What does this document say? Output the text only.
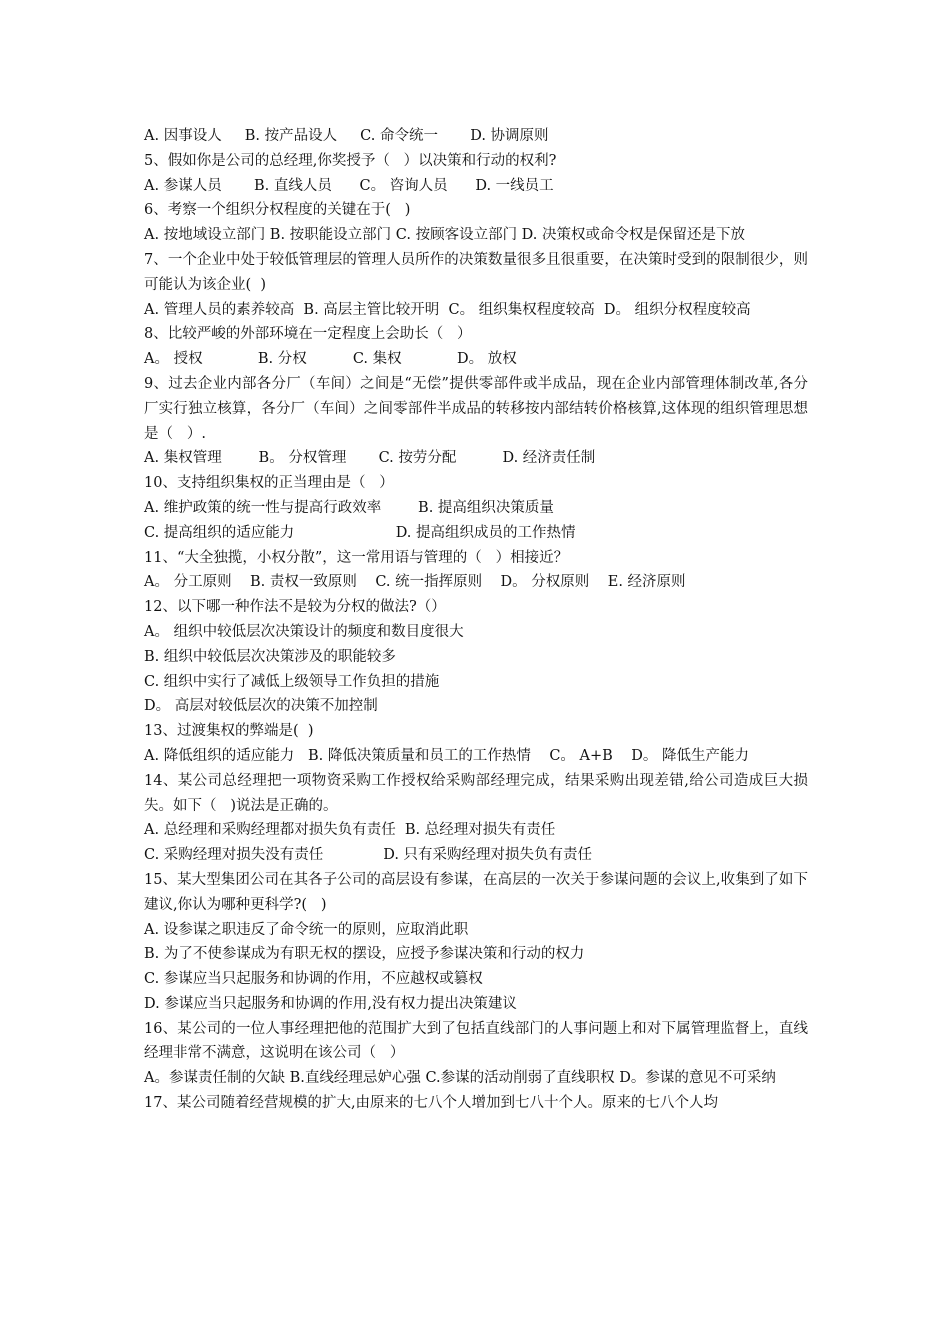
A. 因事设人     B. 按产品设人     C. 命令统一       D. 协调原则
5、假如你是公司的总经理,你奖授予（   ）以决策和行动的权利?
A. 参谋人员       B. 直线人员      C。 咨询人员      D. 一线员工
6、考察一个组织分权程度的关键在于(   )
A. 按地域设立部门 B. 按职能设立部门 C. 按顾客设立部门 D. 决策权或命令权是保留还是下放
7、一个企业中处于较低管理层的管理人员所作的决策数量很多且很重要，在决策时受到的限制很少，则可能认为该企业(  )
A. 管理人员的素养较高  B. 高层主管比较开明  C。 组织集权程度较高  D。 组织分权程度较高
8、比较严峻的外部环境在一定程度上会助长（   ）
A。 授权            B. 分权          C. 集权            D。 放权
9、过去企业内部各分厂（车间）之间是“无偿”提供零部件或半成品，现在企业内部管理体制改革,各分厂实行独立核算，各分厂（车间）之间零部件半成品的转移按内部结转价格核算,这体现的组织管理思想是（   ）.
A. 集权管理        B。 分权管理       C. 按劳分配          D. 经济责任制
10、支持组织集权的正当理由是（   ）
A. 维护政策的统一性与提高行政效率        B. 提高组织决策质量
C. 提高组织的适应能力                      D. 提高组织成员的工作热情
11、“大全独揽，小权分散”，这一常用语与管理的（   ）相接近？
A。 分工原则    B. 责权一致原则    C. 统一指挥原则    D。 分权原则    E. 经济原则
12、以下哪一种作法不是较为分权的做法?（）
A。 组织中较低层次决策设计的频度和数目度很大
B. 组织中较低层次决策涉及的职能较多
C. 组织中实行了减低上级领导工作负担的措施
D。 高层对较低层次的决策不加控制
13、过渡集权的弊端是(  )
A. 降低组织的适应能力   B. 降低决策质量和员工的工作热情    C。 A+B    D。 降低生产能力
14、某公司总经理把一项物资采购工作授权给采购部经理完成，结果采购出现差错,给公司造成巨大损失。如下（   )说法是正确的。
A. 总经理和采购经理都对损失负有责任  B. 总经理对损失有责任
C. 采购经理对损失没有责任             D. 只有采购经理对损失负有责任
15、某大型集团公司在其各子公司的高层设有参谋，在高层的一次关于参谋问题的会议上,收集到了如下建议,你认为哪种更科学?(   )
A. 设参谋之职违反了命令统一的原则，应取消此职
B. 为了不使参谋成为有职无权的摆设，应授予参谋决策和行动的权力
C. 参谋应当只起服务和协调的作用，不应越权或篡权
D. 参谋应当只起服务和协调的作用,没有权力提出决策建议
16、某公司的一位人事经理把他的范围扩大到了包括直线部门的人事问题上和对下属管理监督上，直线经理非常不满意，这说明在该公司（   ）
A。参谋责任制的欠缺 B.直线经理忌妒心强 C.参谋的活动削弱了直线职权 D。参谋的意见不可采纳
17、某公司随着经营规模的扩大,由原来的七八个人增加到七八十个人。原来的七八个人均
